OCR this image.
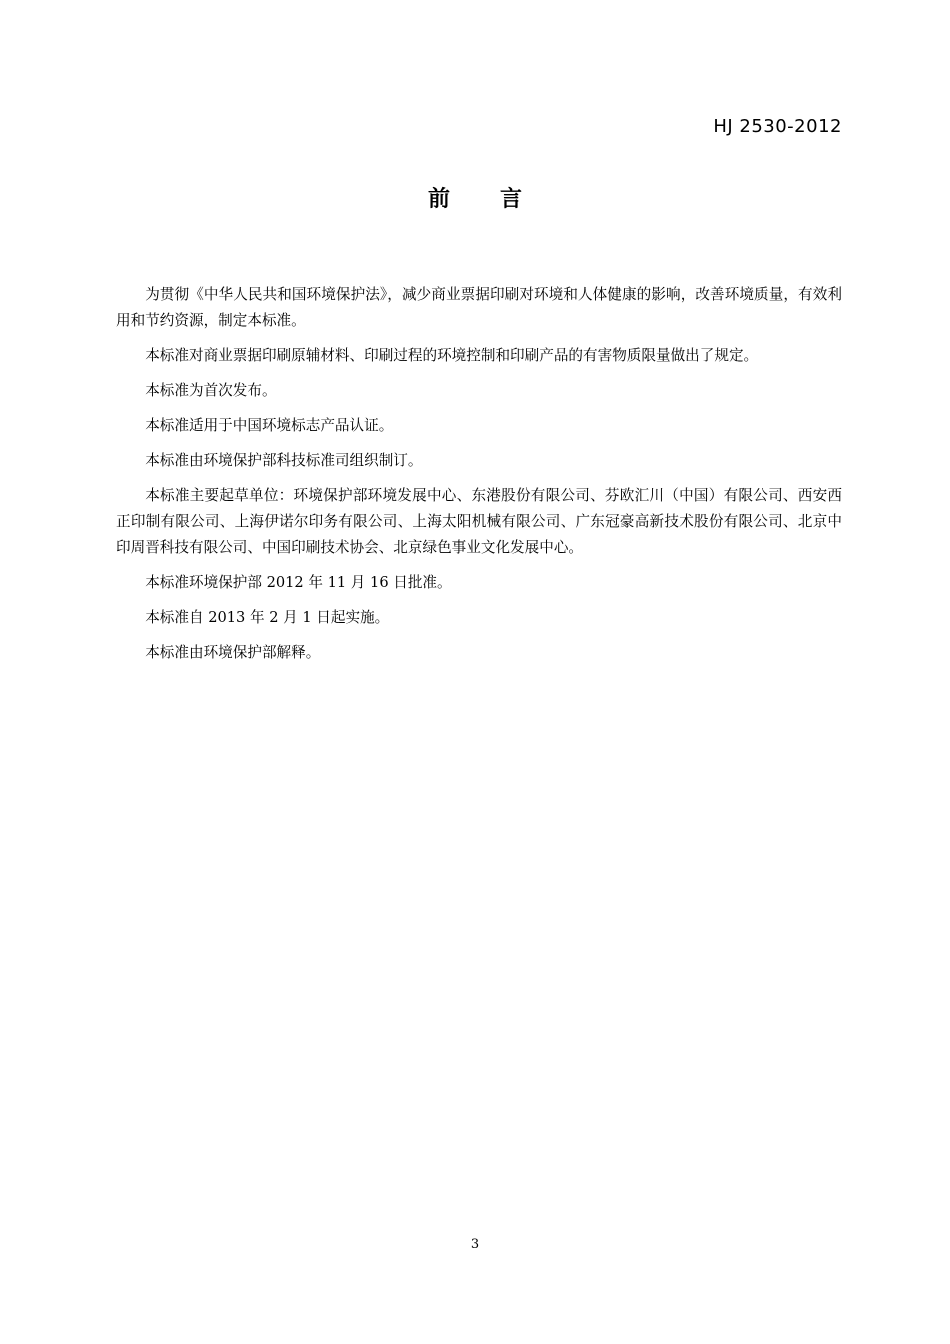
HJ 2530-2012
前言

为贯彻《中华人民共和国环境保护法》，减少商业票据印刷对环境和人体健康的影响，改善环境质量，有效利用和节约资源，制定本标准。

本标准对商业票据印刷原辅材料、印刷过程的环境控制和印刷产品的有害物质限量做出了规定。

本标准为首次发布。

本标准适用于中国环境标志产品认证。

本标准由环境保护部科技标准司组织制订。

本标准主要起草单位：环境保护部环境发展中心、东港股份有限公司、芬欧汇川（中国）有限公司、西安西正印制有限公司、上海伊诺尔印务有限公司、上海太阳机械有限公司、广东冠豪高新技术股份有限公司、北京中印周晋科技有限公司、中国印刷技术协会、北京绿色事业文化发展中心。

本标准环境保护部 2012 年 11 月 16 日批准。

本标准自 2013 年 2 月 1 日起实施。

本标准由环境保护部解释。

3
